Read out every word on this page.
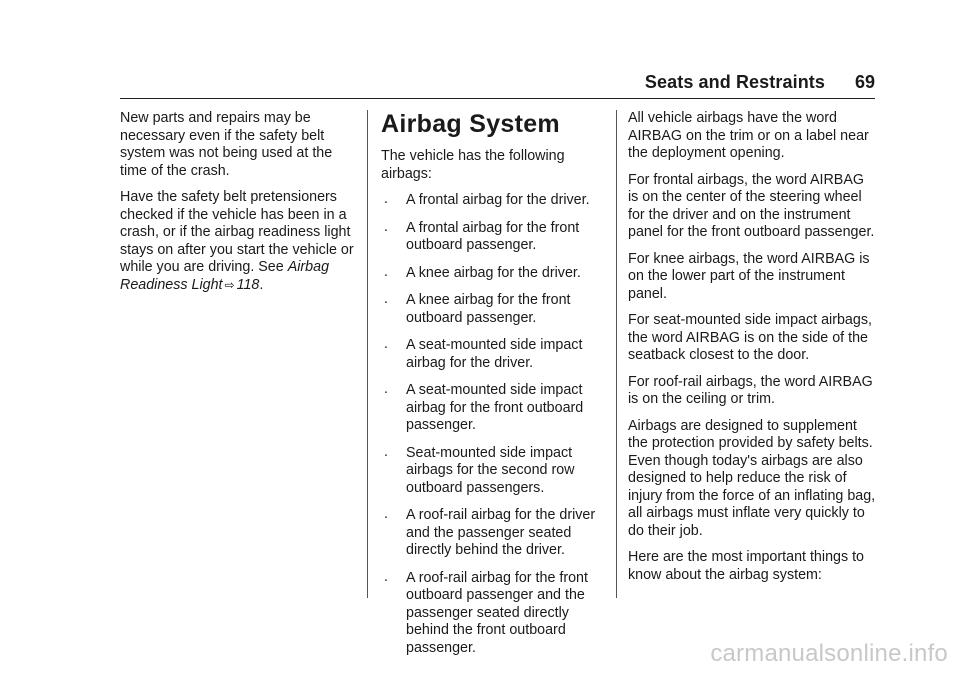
Seats and Restraints 69

New parts and repairs may be necessary even if the safety belt system was not being used at the time of the crash.

Have the safety belt pretensioners checked if the vehicle has been in a crash, or if the airbag readiness light stays on after you start the vehicle or while you are driving. See Airbag Readiness Light ⇨ 118.

Airbag System

The vehicle has the following airbags:

. A frontal airbag for the driver.
. A frontal airbag for the front outboard passenger.
. A knee airbag for the driver.
. A knee airbag for the front outboard passenger.
. A seat-mounted side impact airbag for the driver.
. A seat-mounted side impact airbag for the front outboard passenger.
. Seat-mounted side impact airbags for the second row outboard passengers.
. A roof-rail airbag for the driver and the passenger seated directly behind the driver.
. A roof-rail airbag for the front outboard passenger and the passenger seated directly behind the front outboard passenger.

All vehicle airbags have the word AIRBAG on the trim or on a label near the deployment opening.

For frontal airbags, the word AIRBAG is on the center of the steering wheel for the driver and on the instrument panel for the front outboard passenger.

For knee airbags, the word AIRBAG is on the lower part of the instrument panel.

For seat-mounted side impact airbags, the word AIRBAG is on the side of the seatback closest to the door.

For roof-rail airbags, the word AIRBAG is on the ceiling or trim.

Airbags are designed to supplement the protection provided by safety belts. Even though today's airbags are also designed to help reduce the risk of injury from the force of an inflating bag, all airbags must inflate very quickly to do their job.

Here are the most important things to know about the airbag system:

carmanualsonline.info
